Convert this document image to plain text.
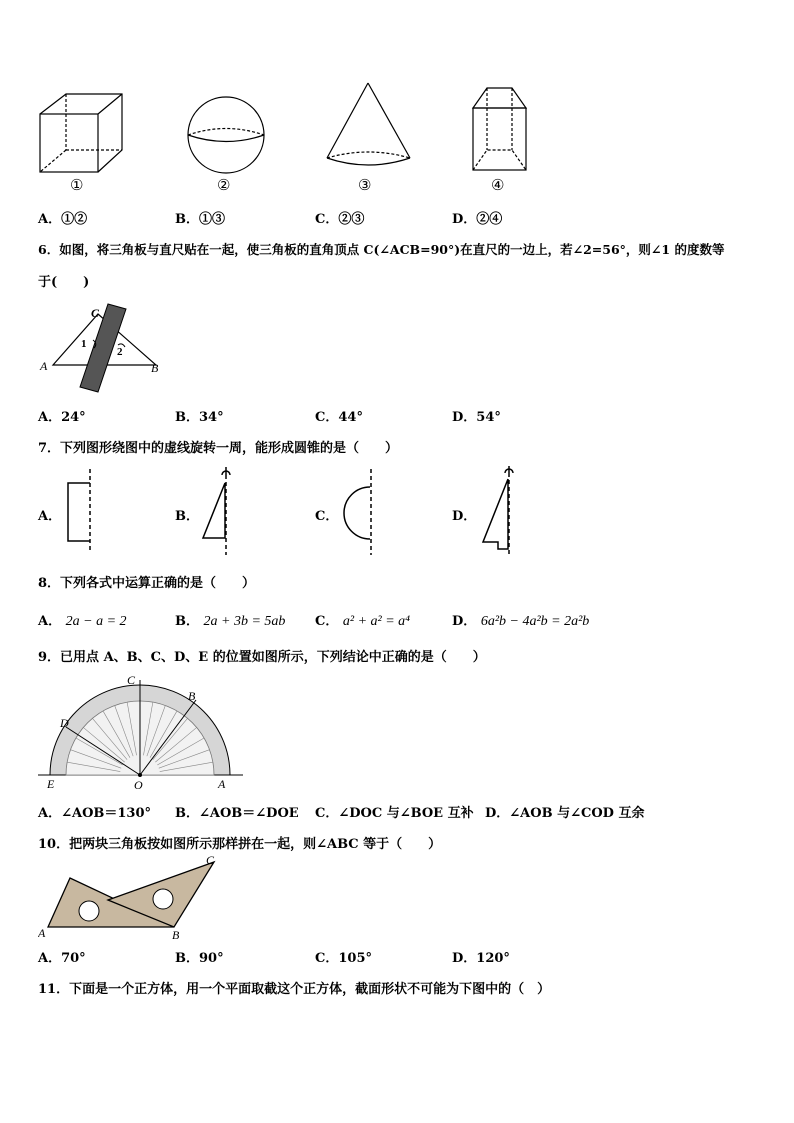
①	②	③	④
A．①②	B．①③	C．②③	D．②④
6．如图，将三角板与直尺贴在一起，使三角板的直角顶点 C(∠ACB=90°)在直尺的一边上，若∠2=56°，则∠1 的度数等
于(　　)
C
A	B
1
2
A．24°	B．34°	C．44°	D．54°
7．下列图形绕图中的虚线旋转一周，能形成圆锥的是（　　）
A．	B．	C．	D．
8．下列各式中运算正确的是（　　）
A． 2a − a = 2	B． 2a + 3b = 5ab C． a² + a² = a⁴	D． 6a²b − 4a²b = 2a²b
9．已用点 A、B、C、D、E 的位置如图所示，下列结论中正确的是（　　）
C
B
D
E	O	A
A．∠AOB＝130° B．∠AOB＝∠DOE C．∠DOC 与∠BOE 互补 D．∠AOB 与∠COD 互余
10．把两块三角板按如图所示那样拼在一起，则∠ABC 等于（　　）
A	B
C
A．70°	B．90°	C．105°	D．120°
11．下面是一个正方体，用一个平面取截这个正方体，截面形状不可能为下图中的（　）
